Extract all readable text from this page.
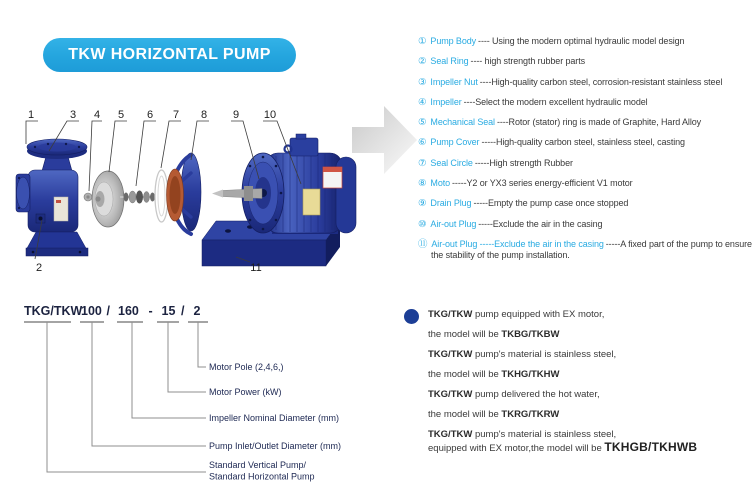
TKW HORIZONTAL PUMP
1	3 4 5 6 7 8 9 10
2	11
① Pump Body ---- Using the modern optimal hydraulic model design
② Seal Ring ---- high strength rubber parts
③ Impeller Nut ----High-quality carbon steel, corrosion-resistant stainless steel
④ Impeller ----Select the modern excellent hydraulic model
⑤ Mechanical Seal ----Rotor (stator) ring is made of Graphite, Hard Alloy
⑥ Pump Cover -----High-quality carbon steel, stainless steel, casting
⑦ Seal Circle -----High strength Rubber
⑧ Moto -----Y2 or YX3 series energy-efficient V1 motor
⑨ Drain Plug -----Empty the pump case once stopped
⑩ Air-out Plug -----Exclude the air in the casing
⑪ Air-out Plug -----Exclude the air in the casing -----A fixed part of the pump to ensure the stability of the pump installation.
TKG/TKW
100 / 160 - 15 / 2
Motor Pole (2,4,6,)
Motor Power (kW)
Impeller Nominal Diameter (mm)
Pump Inlet/Outlet Diameter (mm)
Standard Vertical Pump/
Standard Horizontal Pump
TKG/TKW pump equipped with EX motor,
the model will be TKBG/TKBW
TKG/TKW pump's material is stainless steel,
the model will be TKHG/TKHW
TKG/TKW pump delivered the hot water,
the model will be TKRG/TKRW
TKG/TKW pump's material is stainless steel,
equipped with EX motor,the model will be TKHGB/TKHWB
